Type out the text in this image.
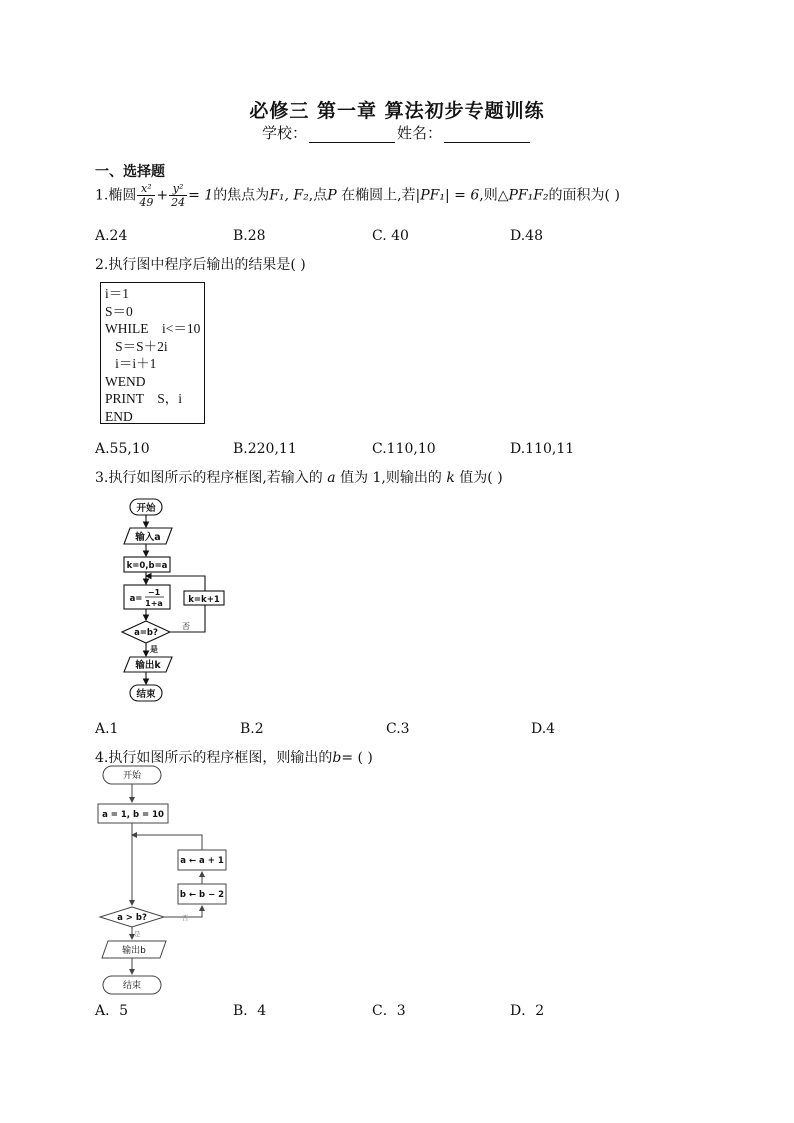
必修三 第一章 算法初步专题训练
学校：	姓名：
一、选择题
1.椭圆 $\frac{\text{x²}}{49} + \frac{\text{y²}}{24} = 1$的焦点为F₁, F₂,点P 在椭圆上,若|PF₁| = 6,则△PF₁F₂的面积为( )
A.24	B.28	C. 40	D.48
2.执行图中程序后输出的结果是( )
i＝1
S＝0
WHILE    i<＝10
S＝S＋2i
i＝i＋1
WEND
PRINT    S，i
END
A.55,10	B.220,11	C.110,10	D.110,11
3.执行如图所示的程序框图,若输入的 a 值为 1,则输出的 k 值为( )
开始
输入a
k=0,b=a
a=
−1
1+a	k=k+1
a=b?
否
是
输出k
结束
A.1	B.2	C.3	D.4
4.执行如图所示的程序框图，则输出的b= ( )
开始
a = 1, b = 10
a ← a + 1
b ← b − 2
a > b?	否
是
输出b
结束
A．5	B．4	C．3	D．2
